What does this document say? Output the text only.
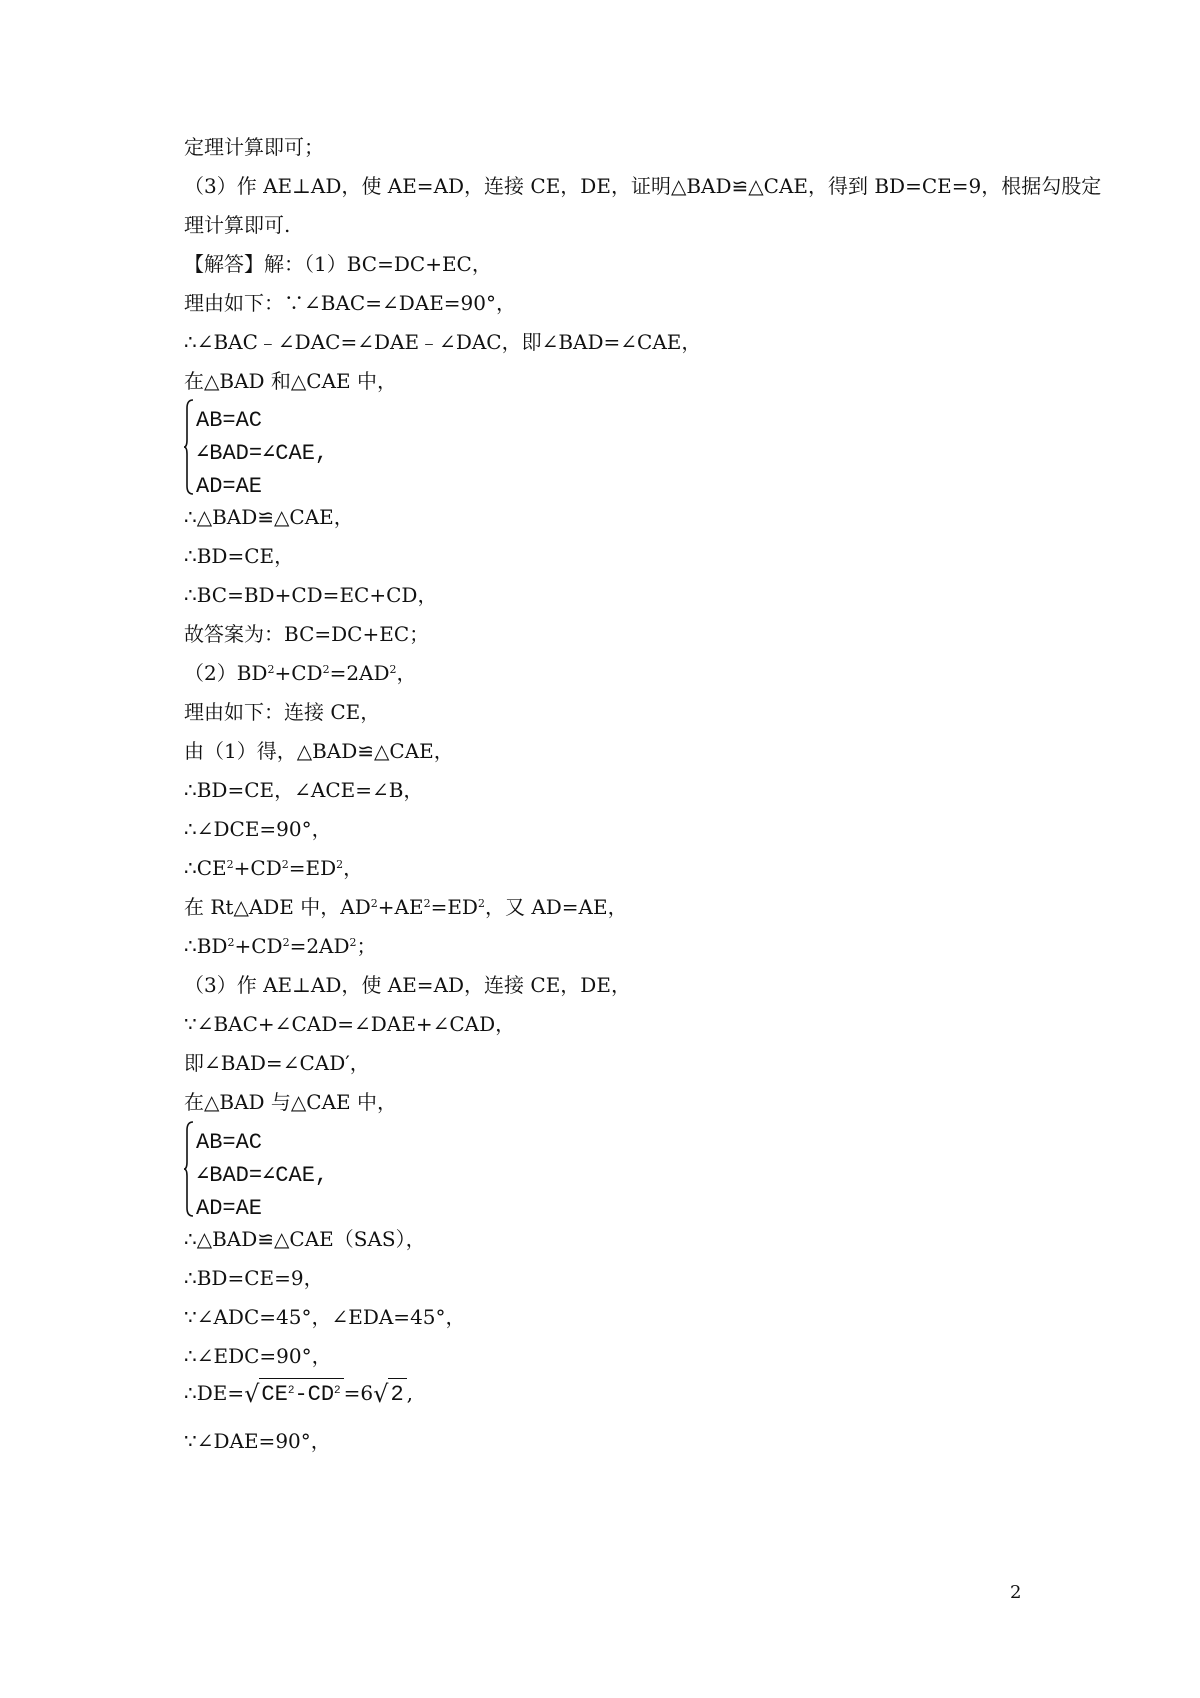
定理计算即可；
（3）作 AE⊥AD，使 AE=AD，连接 CE，DE，证明△BAD≌△CAE，得到 BD=CE=9，根据勾股定
理计算即可.
【解答】解：（1）BC=DC+EC，
理由如下：∵∠BAC=∠DAE=90°，
∴∠BAC﹣∠DAC=∠DAE﹣∠DAC，即∠BAD=∠CAE，
在△BAD 和△CAE 中，
AB=AC
∠BAD=∠CAE,
AD=AE
∴△BAD≌△CAE，
∴BD=CE，
∴BC=BD+CD=EC+CD，
故答案为：BC=DC+EC；
$(2)BD^2+CD^2=2AD^2$，
理由如下：连接 CE，
由（1）得，△BAD≌△CAE，
∴BD=CE，∠ACE=∠B，
∴∠DCE=90°，
$\therefore CE^2+CD^2=ED^2$，
在 Rt△ADE 中，$AD^2+AE^2=ED^2$，又 AD=AE，
$\therefore BD^2+CD^2=2AD^2$；
（3）作 AE⊥AD，使 AE=AD，连接 CE，DE，
∵∠BAC+∠CAD=∠DAE+∠CAD，
即∠BAD=∠CAD′，
在△BAD 与△CAE 中，
AB=AC
∠BAD=∠CAE,
AD=AE
∴△BAD≌△CAE（SAS），
∴BD=CE=9，
∵∠ADC=45°，∠EDA=45°，
∴∠EDC=90°，
$\therefore DE=√CE^2-CD^2 =6√2$ ,
∵∠DAE=90°，
2
